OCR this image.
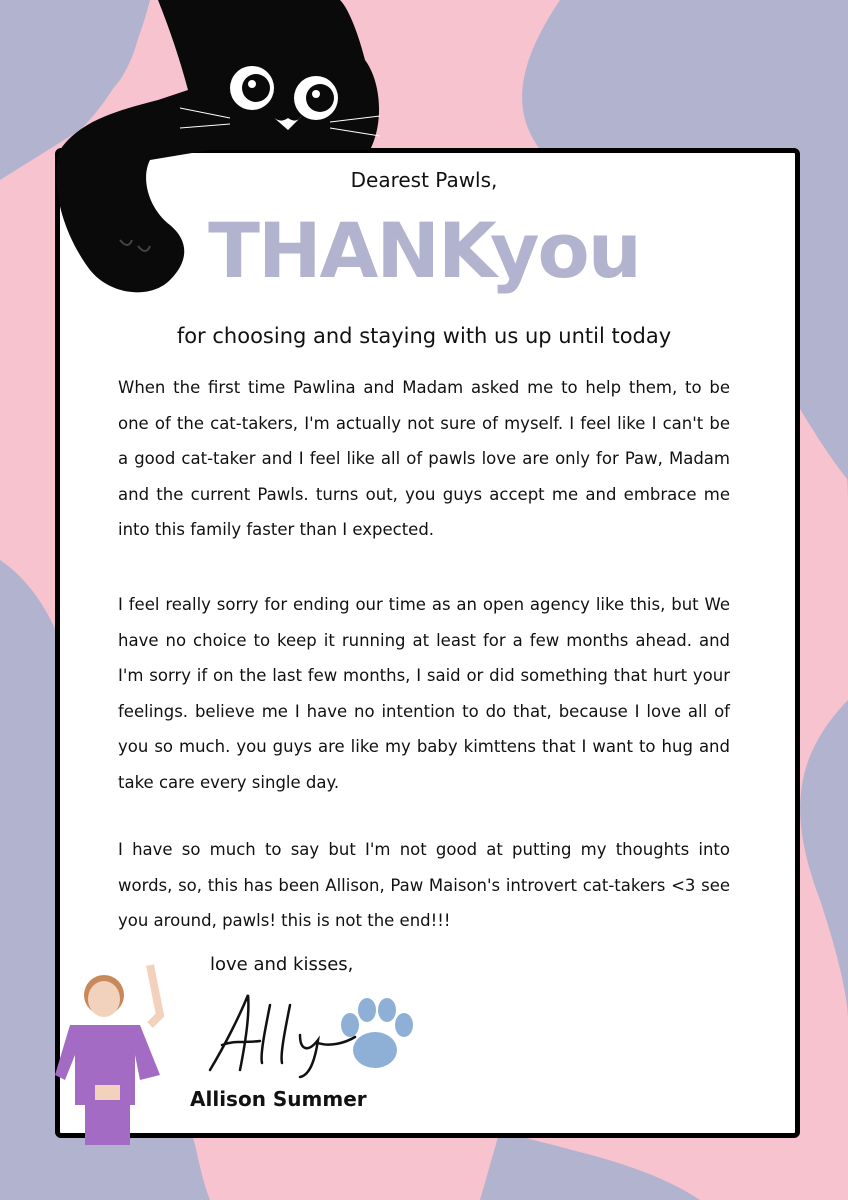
Dearest Pawls,
THANKyou
for choosing and staying with us up until today
When the first time Pawlina and Madam asked me to help them, to be one of the cat-takers, I'm actually not sure of myself. I feel like I can't be a good cat-taker and I feel like all of pawls love are only for Paw, Madam and the current Pawls. turns out, you guys accept me and embrace me into this family faster than I expected.
I feel really sorry for ending our time as an open agency like this, but We have no choice to keep it running at least for a few months ahead. and I'm sorry if on the last few months, I said or did something that hurt your feelings. believe me I have no intention to do that, because I love all of you so much. you guys are like my baby kimttens that I want to hug and take care every single day.
I have so much to say but I'm not good at putting my thoughts into words, so, this has been Allison, Paw Maison's introvert cat-takers <3 see you around, pawls! this is not the end!!!
love and kisses,
Allison Summer
